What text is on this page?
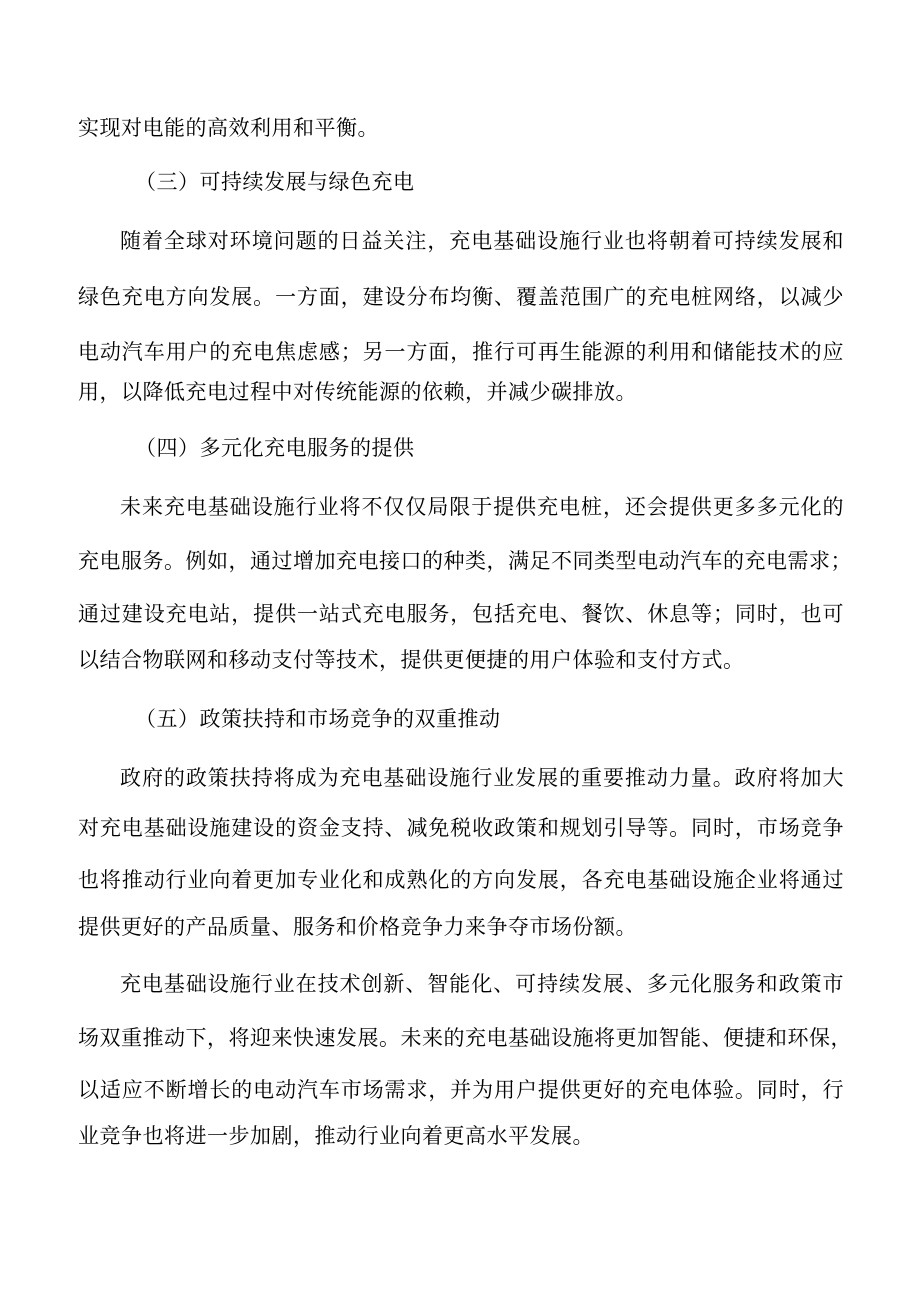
实现对电能的高效利用和平衡。
（三）可持续发展与绿色充电
随着全球对环境问题的日益关注，充电基础设施行业也将朝着可持续发展和
绿色充电方向发展。一方面，建设分布均衡、覆盖范围广的充电桩网络，以减少
电动汽车用户的充电焦虑感；另一方面，推行可再生能源的利用和储能技术的应
用，以降低充电过程中对传统能源的依赖，并减少碳排放。
（四）多元化充电服务的提供
未来充电基础设施行业将不仅仅局限于提供充电桩，还会提供更多多元化的
充电服务。例如，通过增加充电接口的种类，满足不同类型电动汽车的充电需求；
通过建设充电站，提供一站式充电服务，包括充电、餐饮、休息等；同时，也可
以结合物联网和移动支付等技术，提供更便捷的用户体验和支付方式。
（五）政策扶持和市场竞争的双重推动
政府的政策扶持将成为充电基础设施行业发展的重要推动力量。政府将加大
对充电基础设施建设的资金支持、减免税收政策和规划引导等。同时，市场竞争
也将推动行业向着更加专业化和成熟化的方向发展，各充电基础设施企业将通过
提供更好的产品质量、服务和价格竞争力来争夺市场份额。
充电基础设施行业在技术创新、智能化、可持续发展、多元化服务和政策市
场双重推动下，将迎来快速发展。未来的充电基础设施将更加智能、便捷和环保，
以适应不断增长的电动汽车市场需求，并为用户提供更好的充电体验。同时，行
业竞争也将进一步加剧，推动行业向着更高水平发展。
